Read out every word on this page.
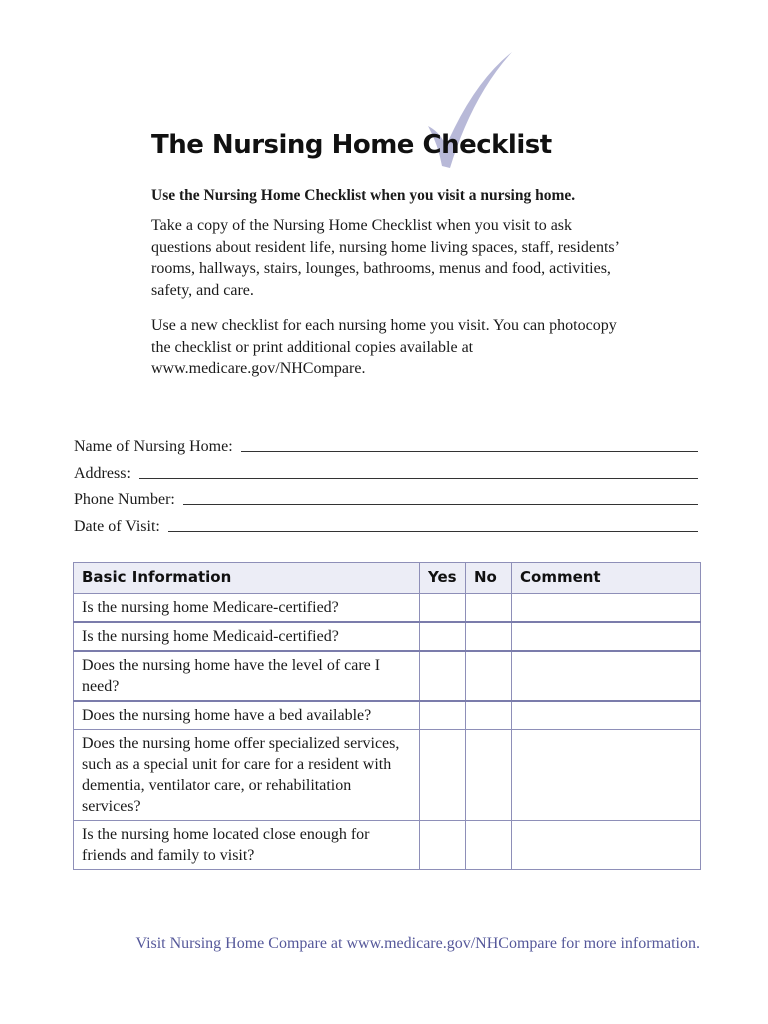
The Nursing Home Checklist

Use the Nursing Home Checklist when you visit a nursing home.

Take a copy of the Nursing Home Checklist when you visit to ask questions about resident life, nursing home living spaces, staff, residents’ rooms, hallways, stairs, lounges, bathrooms, menus and food, activities, safety, and care.

Use a new checklist for each nursing home you visit. You can photocopy the checklist or print additional copies available at www.medicare.gov/NHCompare.

Name of Nursing Home:
Address:
Phone Number:
Date of Visit:
Basic Information	Yes	No	Comment
Is the nursing home Medicare-certified?			
Is the nursing home Medicaid-certified?			
Does the nursing home have the level of care I need?			
Does the nursing home have a bed available?			
Does the nursing home offer specialized services, such as a special unit for care for a resident with dementia, ventilator care, or rehabilitation services?			
Is the nursing home located close enough for friends and family to visit?			

Visit Nursing Home Compare at www.medicare.gov/NHCompare for more information.
